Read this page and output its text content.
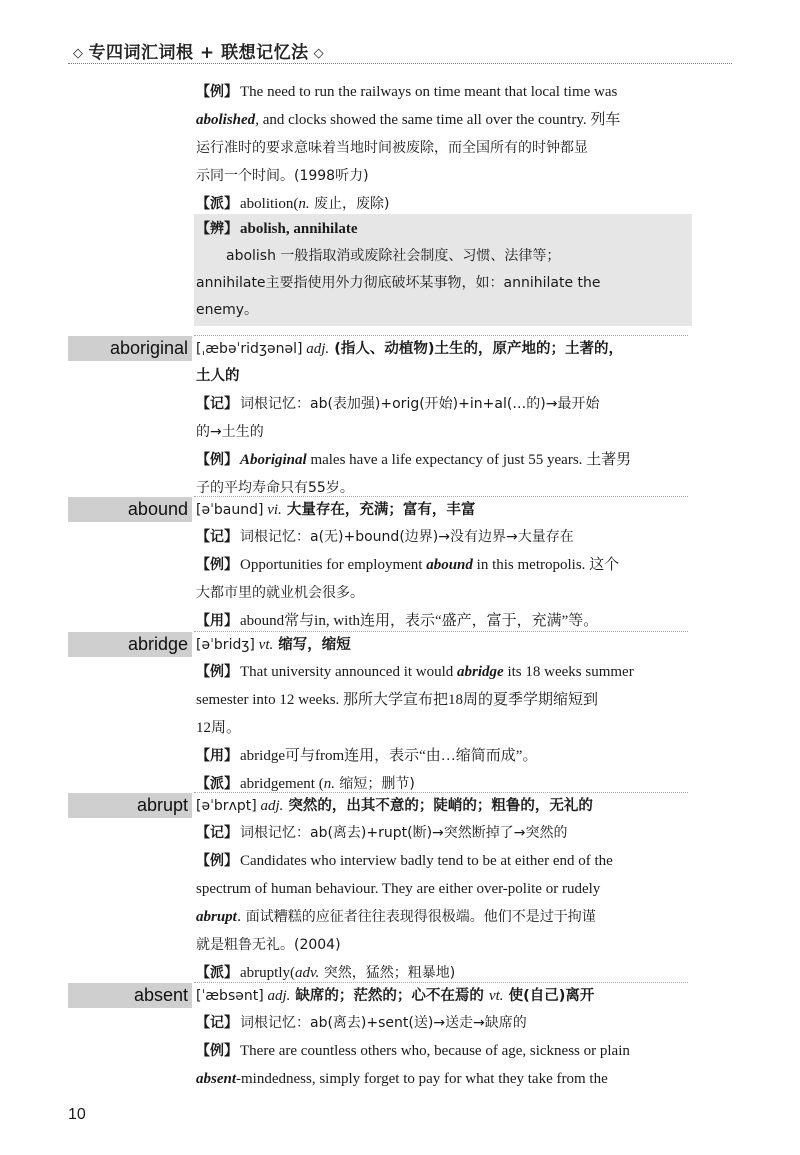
◇ 专四词汇词根 + 联想记忆法 ◇
【例】 The need to run the railways on time meant that local time was
abolished, and clocks showed the same time all over the country. 列车
运行准时的要求意味着当地时间被废除，而全国所有的时钟都显
示同一个时间。(1998听力)
【派】 abolition(n. 废止，废除)
【辨】 abolish, annihilate
abolish 一般指取消或废除社会制度、习惯、法律等；
annihilate主要指使用外力彻底破坏某事物，如：annihilate the
enemy。
aboriginal [ˌæbəˈridʒənəl] adj. (指人、动植物)土生的，原产地的；土著的，
土人的
【记】 词根记忆：ab(表加强)+orig(开始)+in+al(…的)→最开始
的→土生的
【例】 Aboriginal males have a life expectancy of just 55 years. 土著男
子的平均寿命只有55岁。
abound [əˈbaund] vi. 大量存在，充满；富有，丰富
【记】 词根记忆：a(无)+bound(边界)→没有边界→大量存在
【例】 Opportunities for employment abound in this metropolis. 这个
大都市里的就业机会很多。
【用】 abound常与in, with连用，表示“盛产，富于，充满”等。
abridge [əˈbridʒ] vt. 缩写，缩短
【例】 That university announced it would abridge its 18 weeks summer
semester into 12 weeks. 那所大学宣布把18周的夏季学期缩短到
12周。
【用】 abridge可与from连用，表示“由…缩简而成”。
【派】 abridgement (n. 缩短；删节)
abrupt [əˈbrʌpt] adj. 突然的，出其不意的；陡峭的；粗鲁的，无礼的
【记】 词根记忆：ab(离去)+rupt(断)→突然断掉了→突然的
【例】 Candidates who interview badly tend to be at either end of the
spectrum of human behaviour. They are either over-polite or rudely
abrupt. 面试糟糕的应征者往往表现得很极端。他们不是过于拘谨
就是粗鲁无礼。(2004)
【派】 abruptly(adv. 突然，猛然；粗暴地)
absent [ˈæbsənt] adj. 缺席的；茫然的；心不在焉的 vt. 使(自己)离开
【记】 词根记忆：ab(离去)+sent(送)→送走→缺席的
【例】 There are countless others who, because of age, sickness or plain
absent-mindedness, simply forget to pay for what they take from the
10
